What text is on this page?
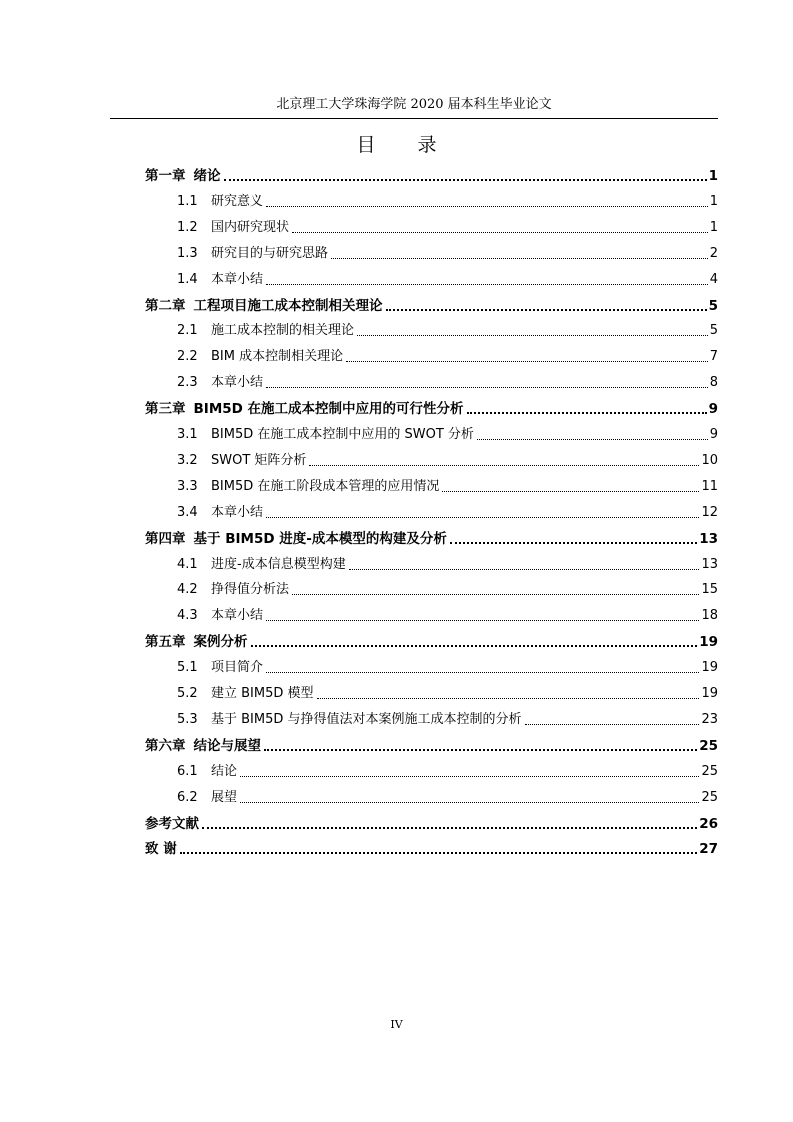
北京理工大学珠海学院 2020 届本科生毕业论文
目 录
第一章 绪论	1
1.1	研究意义	1
1.2	国内研究现状	1
1.3	研究目的与研究思路	2
1.4	本章小结	4
第二章 工程项目施工成本控制相关理论	5
2.1	施工成本控制的相关理论	5
2.2	BIM 成本控制相关理论	7
2.3	本章小结	8
第三章 BIM5D 在施工成本控制中应用的可行性分析	9
3.1	BIM5D 在施工成本控制中应用的 SWOT 分析	9
3.2	SWOT 矩阵分析	10
3.3	BIM5D 在施工阶段成本管理的应用情况	11
3.4	本章小结	12
第四章 基于 BIM5D 进度-成本模型的构建及分析	13
4.1	进度-成本信息模型构建	13
4.2	挣得值分析法	15
4.3	本章小结	18
第五章 案例分析	19
5.1	项目简介	19
5.2	建立 BIM5D 模型	19
5.3	基于 BIM5D 与挣得值法对本案例施工成本控制的分析	23
第六章 结论与展望	25
6.1	结论	25
6.2	展望	25
参考文献	26
致 谢	27
IV
